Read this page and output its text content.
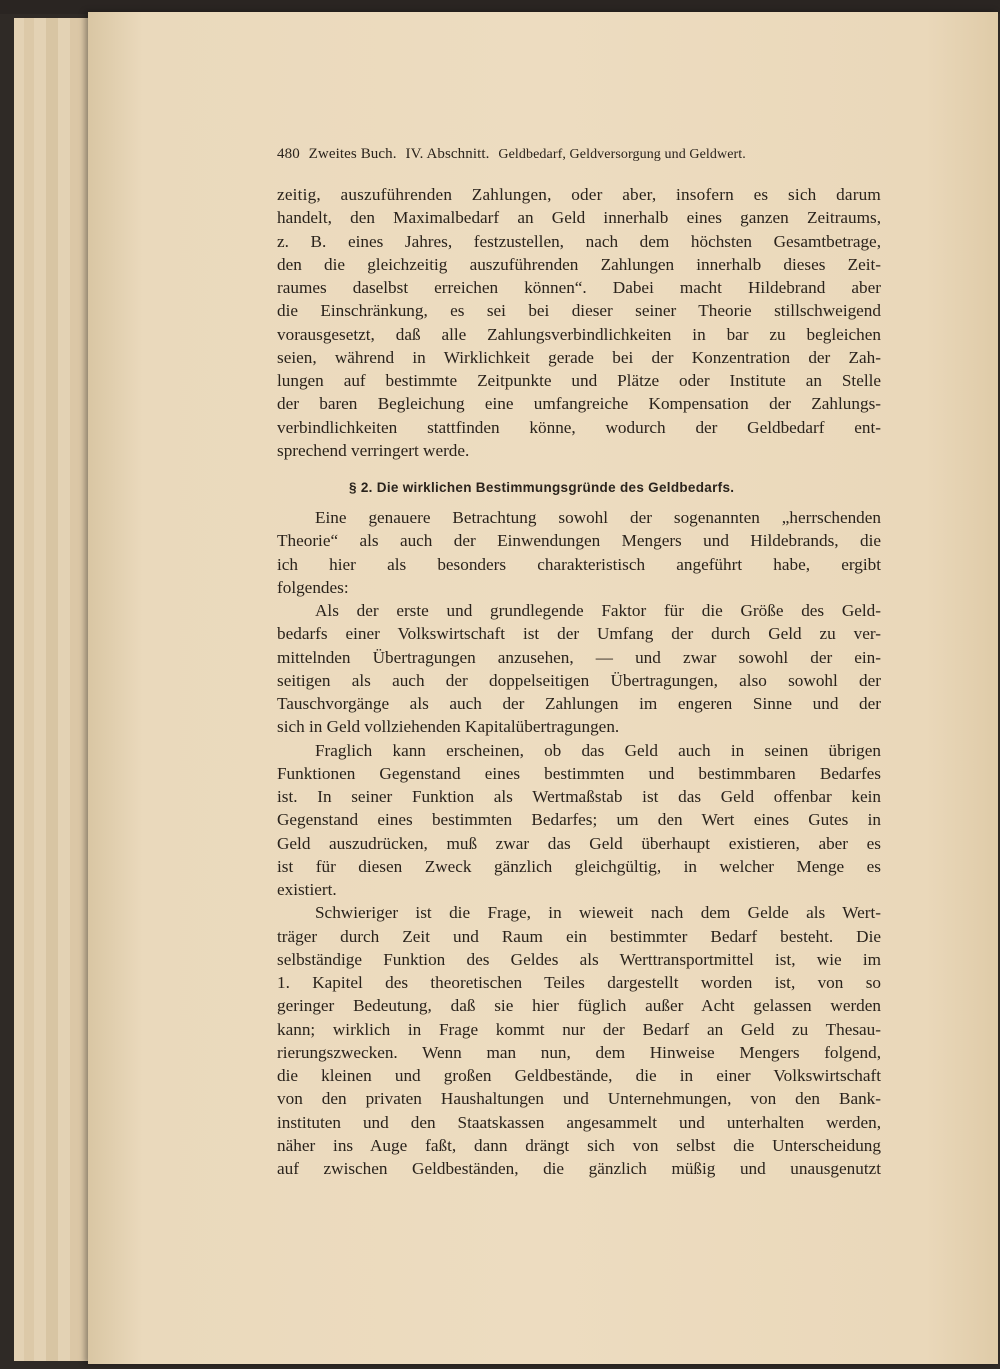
480 Zweites Buch. IV. Abschnitt. Geldbedarf, Geldversorgung und Geldwert.

zeitig, auszuführenden Zahlungen, oder aber, insofern es sich darum

handelt, den Maximalbedarf an Geld innerhalb eines ganzen Zeitraums,

z. B. eines Jahres, festzustellen, nach dem höchsten Gesamtbetrage,

den die gleichzeitig auszuführenden Zahlungen innerhalb dieses Zeit-

raumes daselbst erreichen können“. Dabei macht Hildebrand aber

die Einschränkung, es sei bei dieser seiner Theorie stillschweigend

vorausgesetzt, daß alle Zahlungsverbindlichkeiten in bar zu begleichen

seien, während in Wirklichkeit gerade bei der Konzentration der Zah-

lungen auf bestimmte Zeitpunkte und Plätze oder Institute an Stelle

der baren Begleichung eine umfangreiche Kompensation der Zahlungs-

verbindlichkeiten stattfinden könne, wodurch der Geldbedarf ent-

sprechend verringert werde.

§ 2. Die wirklichen Bestimmungsgründe des Geldbedarfs.

Eine genauere Betrachtung sowohl der sogenannten „herrschenden

Theorie“ als auch der Einwendungen Mengers und Hildebrands, die

ich hier als besonders charakteristisch angeführt habe, ergibt

folgendes:

Als der erste und grundlegende Faktor für die Größe des Geld-

bedarfs einer Volkswirtschaft ist der Umfang der durch Geld zu ver-

mittelnden Übertragungen anzusehen, — und zwar sowohl der ein-

seitigen als auch der doppelseitigen Übertragungen, also sowohl der

Tauschvorgänge als auch der Zahlungen im engeren Sinne und der

sich in Geld vollziehenden Kapitalübertragungen.

Fraglich kann erscheinen, ob das Geld auch in seinen übrigen

Funktionen Gegenstand eines bestimmten und bestimmbaren Bedarfes

ist. In seiner Funktion als Wertmaßstab ist das Geld offenbar kein

Gegenstand eines bestimmten Bedarfes; um den Wert eines Gutes in

Geld auszudrücken, muß zwar das Geld überhaupt existieren, aber es

ist für diesen Zweck gänzlich gleichgültig, in welcher Menge es

existiert.

Schwieriger ist die Frage, in wieweit nach dem Gelde als Wert-

träger durch Zeit und Raum ein bestimmter Bedarf besteht. Die

selbständige Funktion des Geldes als Werttransportmittel ist, wie im

1. Kapitel des theoretischen Teiles dargestellt worden ist, von so

geringer Bedeutung, daß sie hier füglich außer Acht gelassen werden

kann; wirklich in Frage kommt nur der Bedarf an Geld zu Thesau-

rierungszwecken. Wenn man nun, dem Hinweise Mengers folgend,

die kleinen und großen Geldbestände, die in einer Volkswirtschaft

von den privaten Haushaltungen und Unternehmungen, von den Bank-

instituten und den Staatskassen angesammelt und unterhalten werden,

näher ins Auge faßt, dann drängt sich von selbst die Unterscheidung

auf zwischen Geldbeständen, die gänzlich müßig und unausgenutzt
